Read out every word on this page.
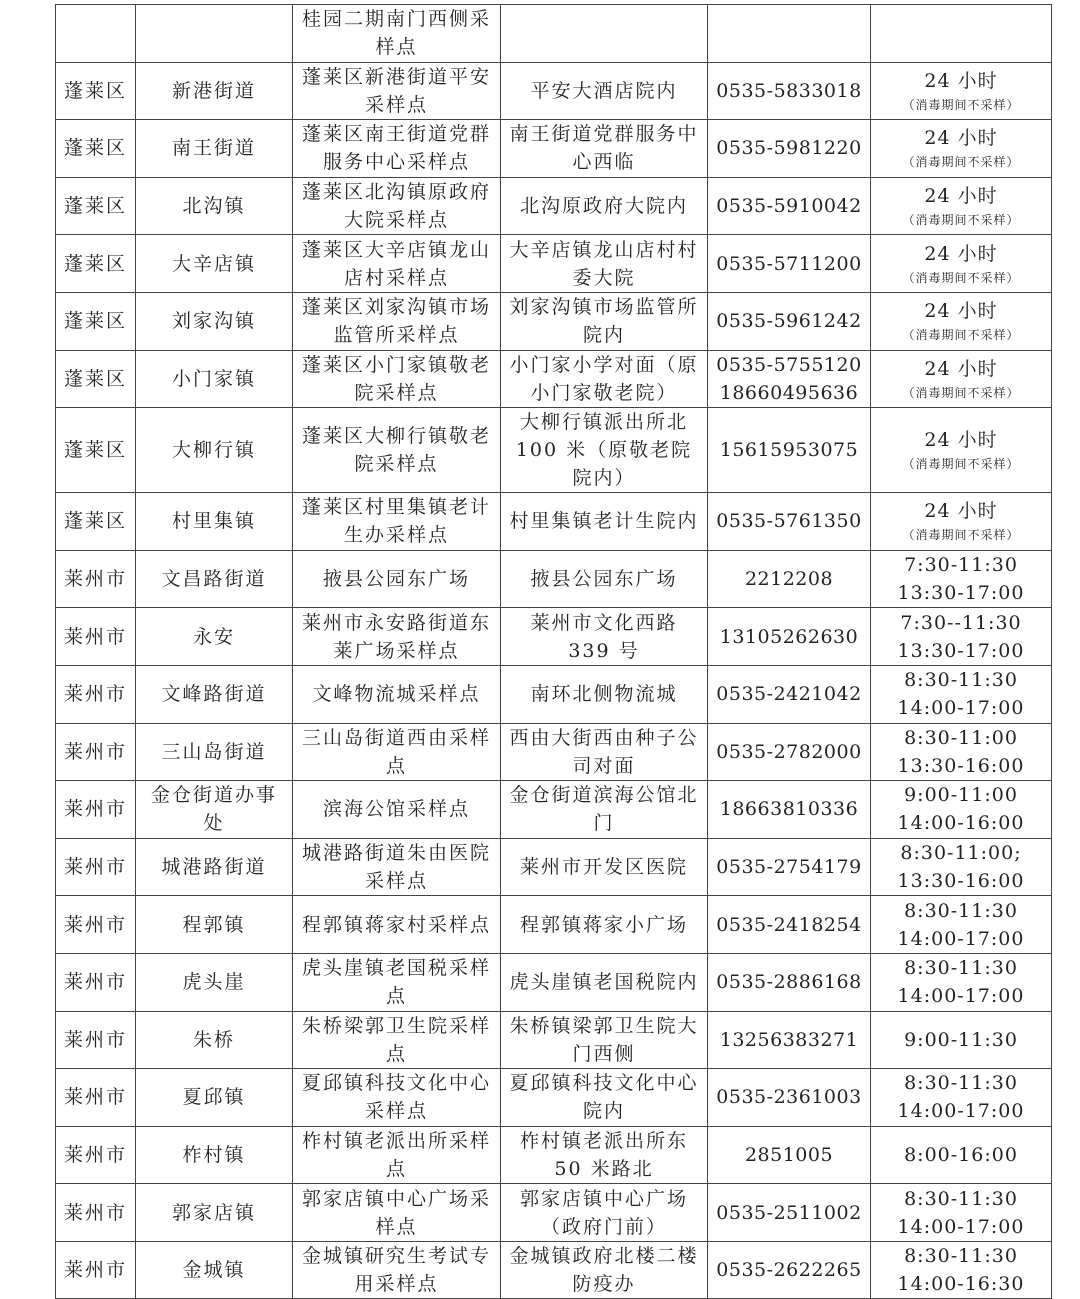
		桂园二期南门西侧采样点		

蓬莱区	新港街道	蓬莱区新港街道平安采样点	平安大酒店院内	0535-5833018	24 小时
（消毒期间不采样）

蓬莱区	南王街道	蓬莱区南王街道党群服务中心采样点	南王街道党群服务中心西临	0535-5981220	24 小时
（消毒期间不采样）

蓬莱区	北沟镇	蓬莱区北沟镇原政府大院采样点	北沟原政府大院内	0535-5910042	24 小时
（消毒期间不采样）

蓬莱区	大辛店镇	蓬莱区大辛店镇龙山店村采样点	大辛店镇龙山店村村委大院	0535-5711200	24 小时
（消毒期间不采样）

蓬莱区	刘家沟镇	蓬莱区刘家沟镇市场监管所采样点	刘家沟镇市场监管所院内	0535-5961242	24 小时
（消毒期间不采样）

蓬莱区	小门家镇	蓬莱区小门家镇敬老院采样点	小门家小学对面（原小门家敬老院）	0535-5755120
18660495636	24 小时
（消毒期间不采样）

蓬莱区	大柳行镇	蓬莱区大柳行镇敬老院采样点	大柳行镇派出所北 100 米（原敬老院院内）	15615953075	24 小时
（消毒期间不采样）

蓬莱区	村里集镇	蓬莱区村里集镇老计生办采样点	村里集镇老计生院内	0535-5761350	24 小时
（消毒期间不采样）

莱州市	文昌路街道	掖县公园东广场	掖县公园东广场	2212208	7:30-11:30
13:30-17:00

莱州市	永安	莱州市永安路街道东莱广场采样点	莱州市文化西路 339 号	13105262630	7:30--11:30
13:30-17:00

莱州市	文峰路街道	文峰物流城采样点	南环北侧物流城	0535-2421042	8:30-11:30
14:00-17:00

莱州市	三山岛街道	三山岛街道西由采样点	西由大街西由种子公司对面	0535-2782000	8:30-11:00
13:30-16:00

莱州市	金仓街道办事处	滨海公馆采样点	金仓街道滨海公馆北门	18663810336	9:00-11:00
14:00-16:00

莱州市	城港路街道	城港路街道朱由医院采样点	莱州市开发区医院	0535-2754179	8:30-11:00;
13:30-16:00

莱州市	程郭镇	程郭镇蒋家村采样点	程郭镇蒋家小广场	0535-2418254	8:30-11:30
14:00-17:00

莱州市	虎头崖	虎头崖镇老国税采样点	虎头崖镇老国税院内	0535-2886168	8:30-11:30
14:00-17:00

莱州市	朱桥	朱桥梁郭卫生院采样点	朱桥镇梁郭卫生院大门西侧	13256383271	9:00-11:30

莱州市	夏邱镇	夏邱镇科技文化中心采样点	夏邱镇科技文化中心院内	0535-2361003	8:30-11:30
14:00-17:00

莱州市	柞村镇	柞村镇老派出所采样点	柞村镇老派出所东 50 米路北	2851005	8:00-16:00

莱州市	郭家店镇	郭家店镇中心广场采样点	郭家店镇中心广场（政府门前）	0535-2511002	8:30-11:30
14:00-17:00

莱州市	金城镇	金城镇研究生考试专用采样点	金城镇政府北楼二楼防疫办	0535-2622265	8:30-11:30
14:00-16:30
